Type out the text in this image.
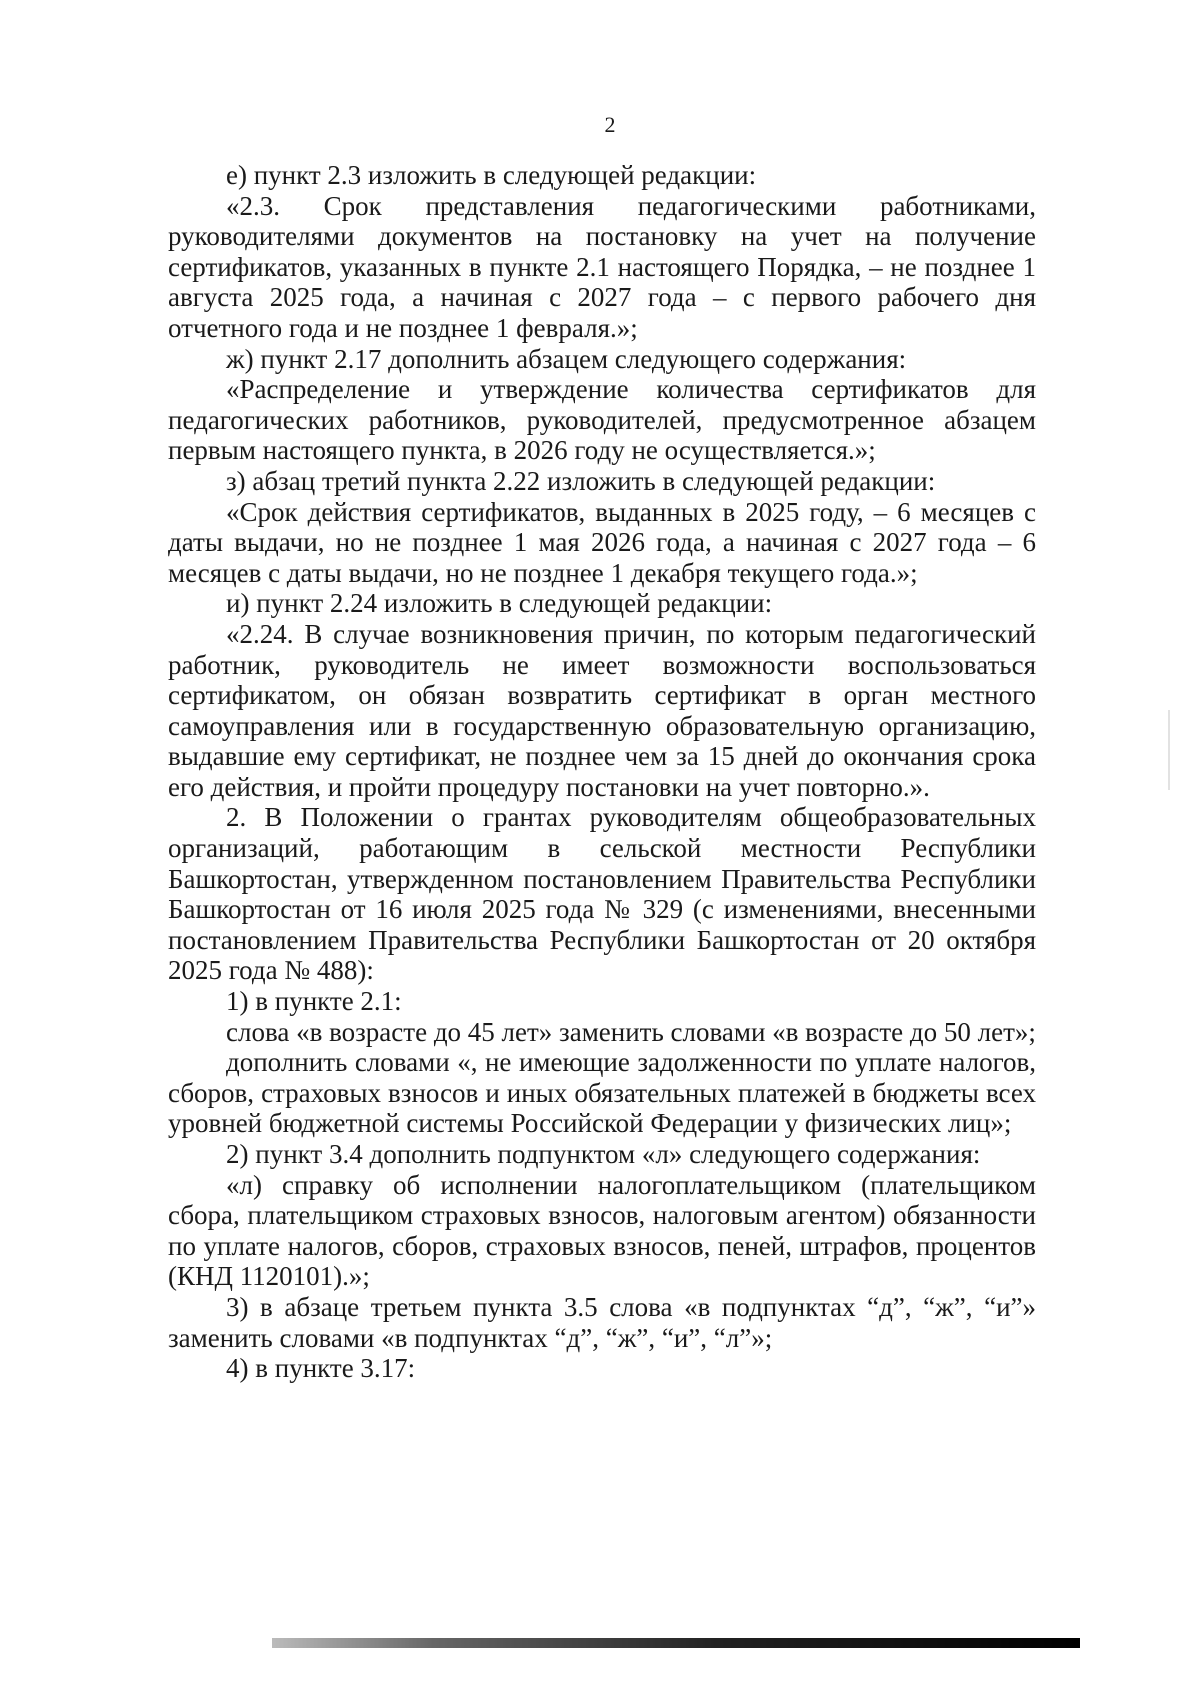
2

е) пункт 2.3 изложить в следующей редакции:

«2.3. Срок представления педагогическими работниками, руководителями документов на постановку на учет на получение сертификатов, указанных в пункте 2.1 настоящего Порядка, – не позднее 1 августа 2025 года, а начиная с 2027 года – с первого рабочего дня отчетного года и не позднее 1 февраля.»;

ж) пункт 2.17 дополнить абзацем следующего содержания:

«Распределение и утверждение количества сертификатов для педагогических работников, руководителей, предусмотренное абзацем первым настоящего пункта, в 2026 году не осуществляется.»;

з) абзац третий пункта 2.22 изложить в следующей редакции:

«Срок действия сертификатов, выданных в 2025 году, – 6 месяцев с даты выдачи, но не позднее 1 мая 2026 года, а начиная с 2027 года – 6 месяцев с даты выдачи, но не позднее 1 декабря текущего года.»;

и) пункт 2.24 изложить в следующей редакции:

«2.24. В случае возникновения причин, по которым педагогический работник, руководитель не имеет возможности воспользоваться сертификатом, он обязан возвратить сертификат в орган местного самоуправления или в государственную образовательную организацию, выдавшие ему сертификат, не позднее чем за 15 дней до окончания срока его действия, и пройти процедуру постановки на учет повторно.».

2. В Положении о грантах руководителям общеобразовательных организаций, работающим в сельской местности Республики Башкортостан, утвержденном постановлением Правительства Республики Башкортостан от 16 июля 2025 года № 329 (с изменениями, внесенными постановлением Правительства Республики Башкортостан от 20 октября 2025 года № 488):

1) в пункте 2.1:

слова «в возрасте до 45 лет» заменить словами «в возрасте до 50 лет»;

дополнить словами «, не имеющие задолженности по уплате налогов, сборов, страховых взносов и иных обязательных платежей в бюджеты всех уровней бюджетной системы Российской Федерации у физических лиц»;

2) пункт 3.4 дополнить подпунктом «л» следующего содержания:

«л) справку об исполнении налогоплательщиком (плательщиком сбора, плательщиком страховых взносов, налоговым агентом) обязанности по уплате налогов, сборов, страховых взносов, пеней, штрафов, процентов (КНД 1120101).»;

3) в абзаце третьем пункта 3.5 слова «в подпунктах “д”, “ж”, “и”» заменить словами «в подпунктах “д”, “ж”, “и”, “л”»;

4) в пункте 3.17:
